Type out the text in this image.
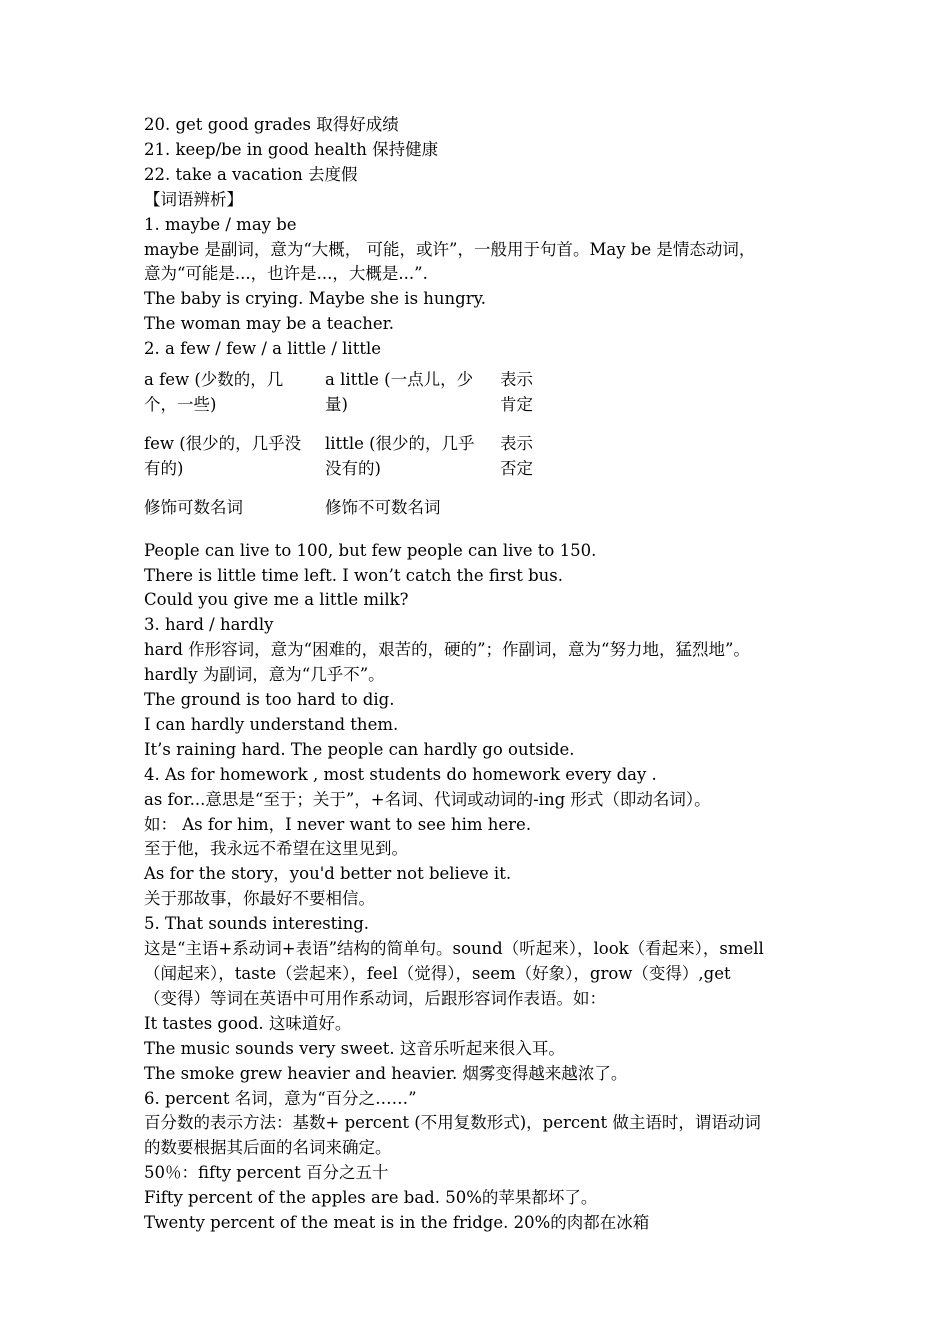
20. get good grades 取得好成绩
21. keep/be in good health 保持健康
22. take a vacation 去度假
【词语辨析】
1. maybe / may be
maybe 是副词，意为“大概， 可能，或许”，一般用于句首。May be 是情态动词，
意为“可能是...，也许是...，大概是...”.
The baby is crying. Maybe she is hungry.
The woman may be a teacher.
2. a few / few / a little / little
a few (少数的，几个，一些)	a little (一点儿，少量)	表示肯定

few (很少的，几乎没有的)	little (很少的，几乎没有的)	表示否定

修饰可数名词	修饰不可数名词	

People can live to 100, but few people can live to 150.
There is little time left. I won’t catch the first bus.
Could you give me a little milk?
3. hard / hardly
hard 作形容词，意为“困难的，艰苦的，硬的”；作副词，意为“努力地，猛烈地”。
hardly 为副词，意为“几乎不”。
The ground is too hard to dig.
I can hardly understand them.
It’s raining hard. The people can hardly go outside.
4. As for homework , most students do homework every day .
as for...意思是“至于；关于”，+名词、代词或动词的-ing 形式（即动名词）。
如： As for him，I never want to see him here.
至于他，我永远不希望在这里见到。
As for the story，you'd better not believe it.
关于那故事，你最好不要相信。
5. That sounds interesting.
这是“主语+系动词+表语”结构的简单句。sound（听起来），look（看起来），smell
（闻起来），taste（尝起来），feel（觉得），seem（好象），grow（变得）,get
（变得）等词在英语中可用作系动词，后跟形容词作表语。如：
It tastes good. 这味道好。
The music sounds very sweet. 这音乐听起来很入耳。
The smoke grew heavier and heavier. 烟雾变得越来越浓了。
6. percent 名词，意为“百分之……”
百分数的表示方法：基数+ percent (不用复数形式)，percent 做主语时，谓语动词
的数要根据其后面的名词来确定。
50％：fifty percent 百分之五十
Fifty percent of the apples are bad. 50%的苹果都坏了。
Twenty percent of the meat is in the fridge. 20%的肉都在冰箱
